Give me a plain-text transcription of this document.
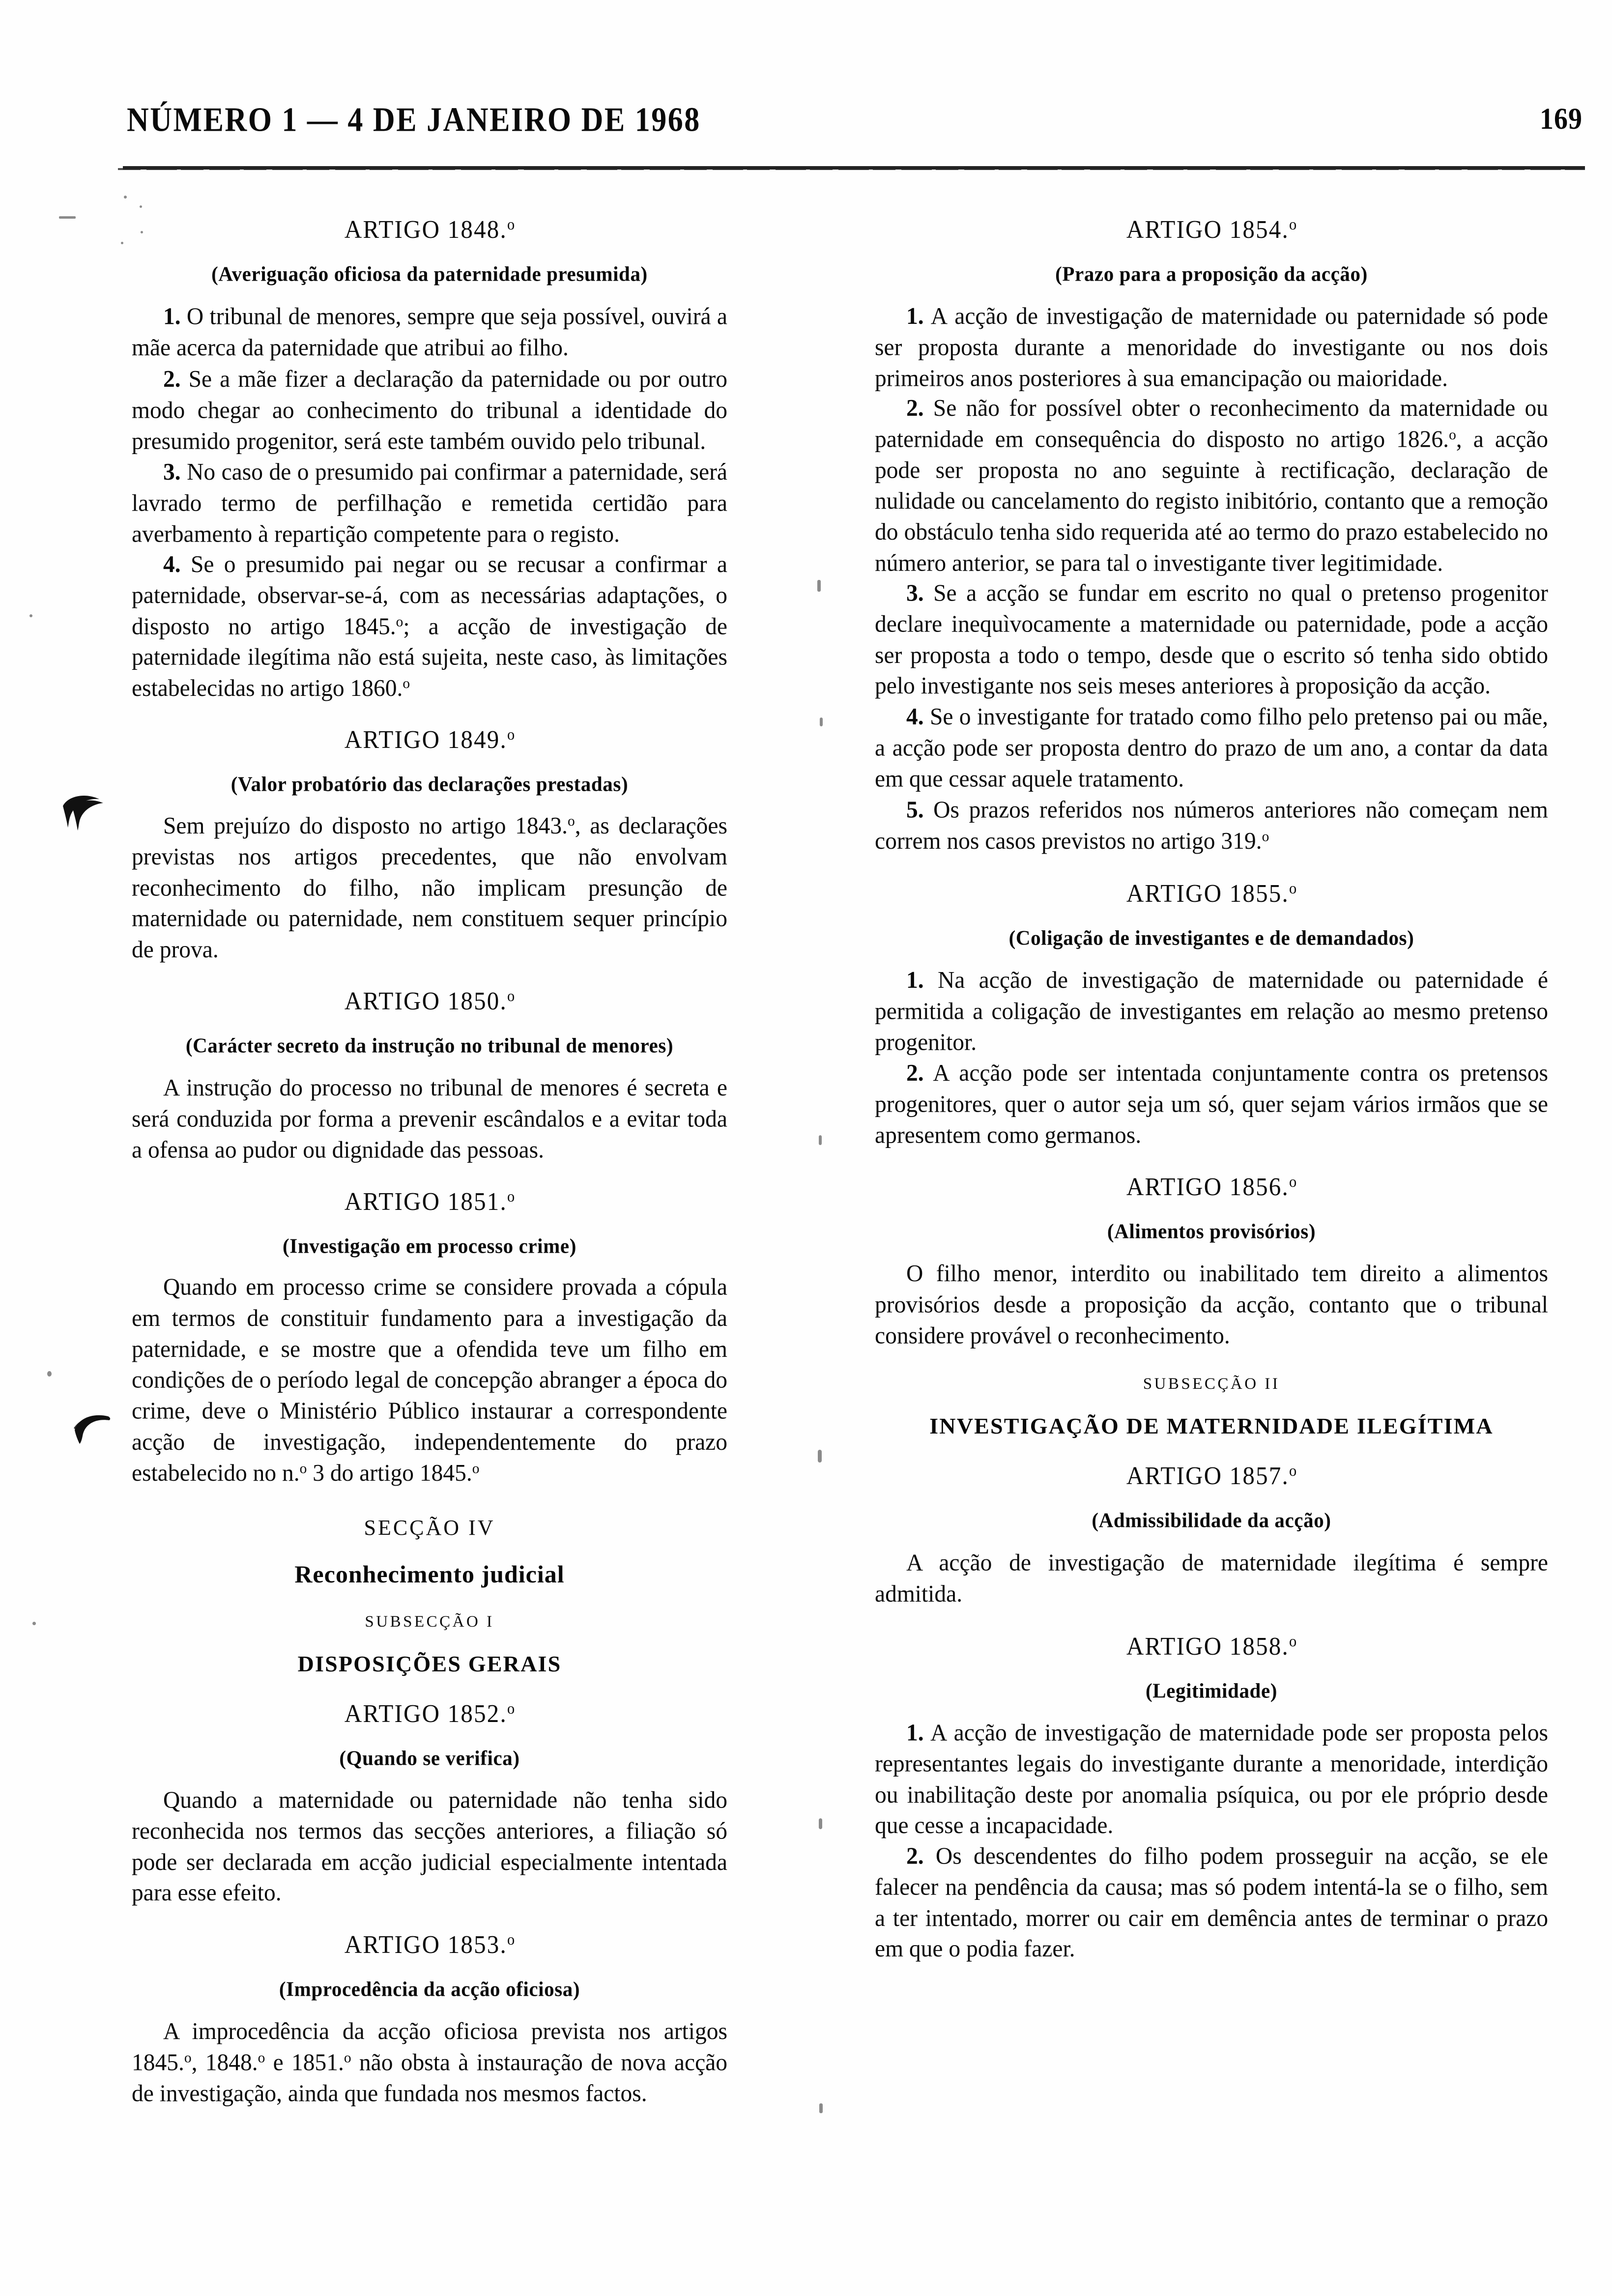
NÚMERO 1 — 4 DE JANEIRO DE 1968	169
ARTIGO 1848.$^o$
(Averiguação oficiosa da paternidade presumida)

1. O tribunal de menores, sempre que seja possível, ouvirá a mãe acerca da paternidade que atribui ao filho.

2. Se a mãe fizer a declaração da paternidade ou por outro modo chegar ao conhecimento do tribunal a identidade do presumido progenitor, será este também ouvido pelo tribunal.

3. No caso de o presumido pai confirmar a paternidade, será lavrado termo de perfilhação e remetida certidão para averbamento à repartição competente para o registo.

4. Se o presumido pai negar ou se recusar a confirmar a paternidade, observar-se-á, com as necessárias adaptações, o disposto no artigo 1845.$^o$; a acção de investigação de paternidade ilegítima não está sujeita, neste caso, às limitações estabelecidas no artigo 1860.$^o$

ARTIGO 1849.$^o$
(Valor probatório das declarações prestadas)

Sem prejuízo do disposto no artigo 1843.$^o$, as declarações previstas nos artigos precedentes, que não envolvam reconhecimento do filho, não implicam presunção de maternidade ou paternidade, nem constituem sequer princípio de prova.

ARTIGO 1850.$^o$
(Carácter secreto da instrução no tribunal de menores)

A instrução do processo no tribunal de menores é secreta e será conduzida por forma a prevenir escândalos e a evitar toda a ofensa ao pudor ou dignidade das pessoas.

ARTIGO 1851.$^o$
(Investigação em processo crime)

Quando em processo crime se considere provada a cópula em termos de constituir fundamento para a investigação da paternidade, e se mostre que a ofendida teve um filho em condições de o período legal de concepção abranger a época do crime, deve o Ministério Público instaurar a correspondente acção de investigação, independentemente do prazo estabelecido no n.$^o$ 3 do artigo 1845.$^o$

SECÇÃO IV
Reconhecimento judicial
SUBSECÇÃO I
DISPOSIÇÕES GERAIS
ARTIGO 1852.$^o$
(Quando se verifica)

Quando a maternidade ou paternidade não tenha sido reconhecida nos termos das secções anteriores, a filiação só pode ser declarada em acção judicial especialmente intentada para esse efeito.

ARTIGO 1853.$^o$
(Improcedência da acção oficiosa)

A improcedência da acção oficiosa prevista nos artigos 1845.$^o$, 1848.$^o$ e 1851.$^o$ não obsta à instauração de nova acção de investigação, ainda que fundada nos mesmos factos.

ARTIGO 1854.$^o$
(Prazo para a proposição da acção)

1. A acção de investigação de maternidade ou paternidade só pode ser proposta durante a menoridade do investigante ou nos dois primeiros anos posteriores à sua emancipação ou maioridade.

2. Se não for possível obter o reconhecimento da maternidade ou paternidade em consequência do disposto no artigo 1826.$^o$, a acção pode ser proposta no ano seguinte à rectificação, declaração de nulidade ou cancelamento do registo inibitório, contanto que a remoção do obstáculo tenha sido requerida até ao termo do prazo estabelecido no número anterior, se para tal o investigante tiver legitimidade.

3. Se a acção se fundar em escrito no qual o pretenso progenitor declare inequìvocamente a maternidade ou paternidade, pode a acção ser proposta a todo o tempo, desde que o escrito só tenha sido obtido pelo investigante nos seis meses anteriores à proposição da acção.

4. Se o investigante for tratado como filho pelo pretenso pai ou mãe, a acção pode ser proposta dentro do prazo de um ano, a contar da data em que cessar aquele tratamento.

5. Os prazos referidos nos números anteriores não começam nem correm nos casos previstos no artigo 319.$^o$

ARTIGO 1855.$^o$
(Coligação de investigantes e de demandados)

1. Na acção de investigação de maternidade ou paternidade é permitida a coligação de investigantes em relação ao mesmo pretenso progenitor.

2. A acção pode ser intentada conjuntamente contra os pretensos progenitores, quer o autor seja um só, quer sejam vários irmãos que se apresentem como germanos.

ARTIGO 1856.$^o$
(Alimentos provisórios)

O filho menor, interdito ou inabilitado tem direito a alimentos provisórios desde a proposição da acção, contanto que o tribunal considere provável o reconhecimento.

SUBSECÇÃO II
INVESTIGAÇÃO DE MATERNIDADE ILEGÍTIMA
ARTIGO 1857.$^o$
(Admissibilidade da acção)

A acção de investigação de maternidade ilegítima é sempre admitida.

ARTIGO 1858.$^o$
(Legitimidade)

1. A acção de investigação de maternidade pode ser proposta pelos representantes legais do investigante durante a menoridade, interdição ou inabilitação deste por anomalia psíquica, ou por ele próprio desde que cesse a incapacidade.

2. Os descendentes do filho podem prosseguir na acção, se ele falecer na pendência da causa; mas só podem intentá-la se o filho, sem a ter intentado, morrer ou cair em demência antes de terminar o prazo em que o podia fazer.
